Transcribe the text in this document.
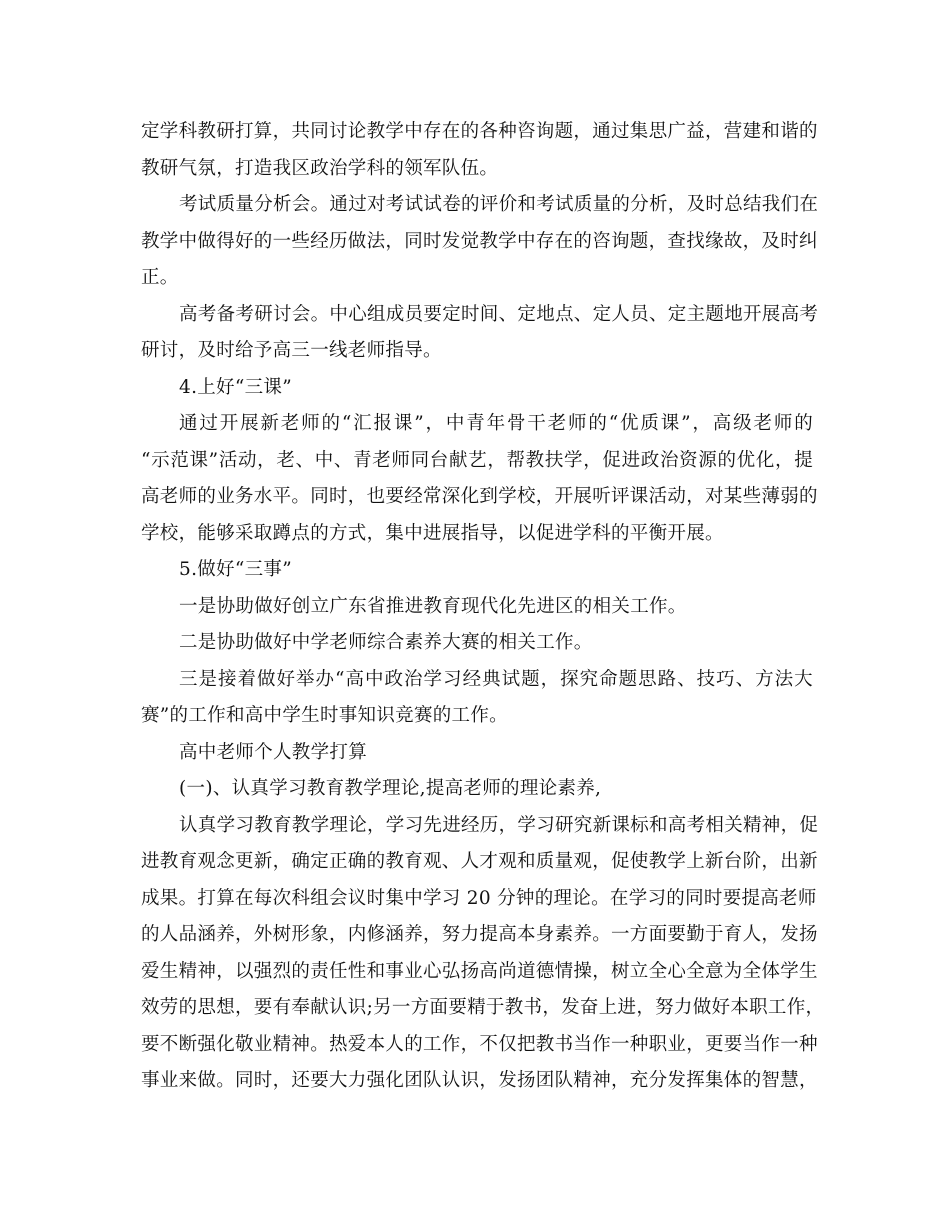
定学科教研打算，共同讨论教学中存在的各种咨询题，通过集思广益，营建和谐的
教研气氛，打造我区政治学科的领军队伍。
考试质量分析会。通过对考试试卷的评价和考试质量的分析，及时总结我们在
教学中做得好的一些经历做法，同时发觉教学中存在的咨询题，查找缘故，及时纠
正。
高考备考研讨会。中心组成员要定时间、定地点、定人员、定主题地开展高考
研讨，及时给予高三一线老师指导。
4.上好“三课”
通过开展新老师的“汇报课”，中青年骨干老师的“优质课”，高级老师的
“示范课”活动，老、中、青老师同台献艺，帮教扶学，促进政治资源的优化，提
高老师的业务水平。同时，也要经常深化到学校，开展听评课活动，对某些薄弱的
学校，能够采取蹲点的方式，集中进展指导，以促进学科的平衡开展。
5.做好“三事”
一是协助做好创立广东省推进教育现代化先进区的相关工作。
二是协助做好中学老师综合素养大赛的相关工作。
三是接着做好举办“高中政治学习经典试题，探究命题思路、技巧、方法大
赛”的工作和高中学生时事知识竞赛的工作。
高中老师个人教学打算
(一)、认真学习教育教学理论,提高老师的理论素养,
认真学习教育教学理论，学习先进经历，学习研究新课标和高考相关精神，促
进教育观念更新，确定正确的教育观、人才观和质量观，促使教学上新台阶，出新
成果。打算在每次科组会议时集中学习 20 分钟的理论。在学习的同时要提高老师
的人品涵养，外树形象，内修涵养，努力提高本身素养。一方面要勤于育人，发扬
爱生精神，以强烈的责任性和事业心弘扬高尚道德情操，树立全心全意为全体学生
效劳的思想，要有奉献认识;另一方面要精于教书，发奋上进，努力做好本职工作，
要不断强化敬业精神。热爱本人的工作，不仅把教书当作一种职业，更要当作一种
事业来做。同时，还要大力强化团队认识，发扬团队精神，充分发挥集体的智慧，
